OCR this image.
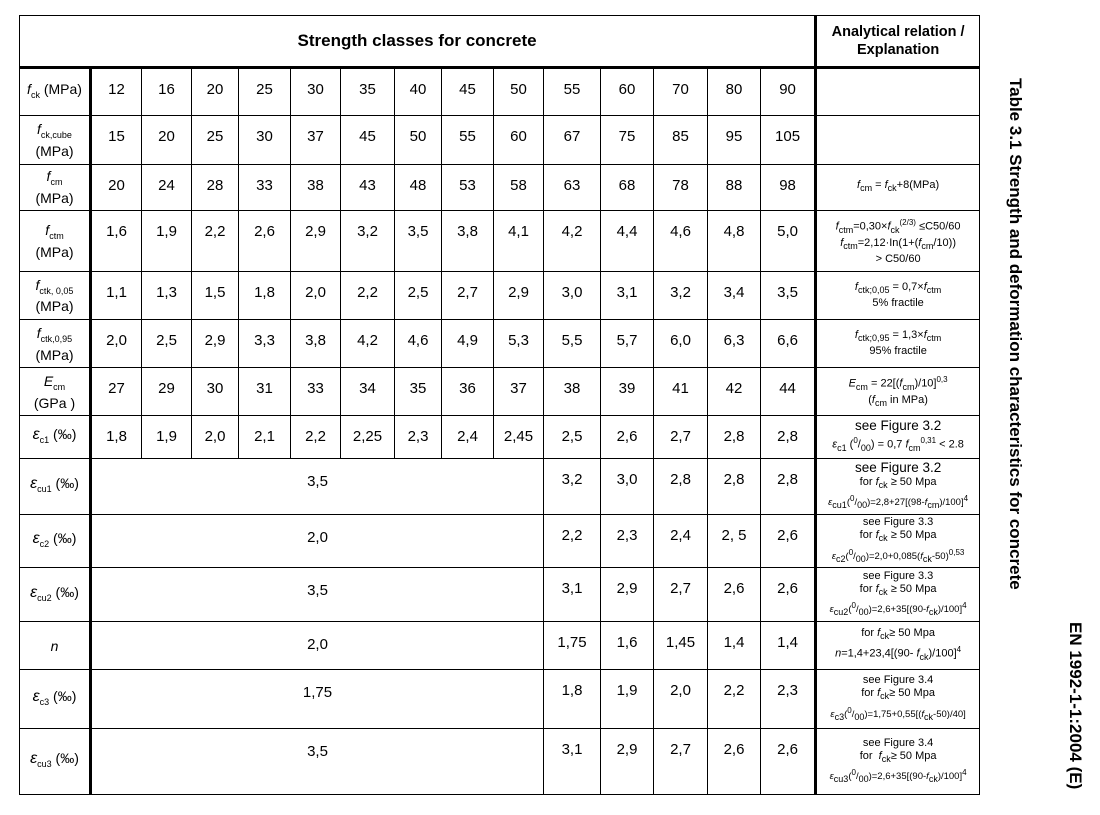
Strength classes for concrete															Analytical relation / Explanation
$f_{ck}$ (MPa)	12	16	20	25	30	35	40	45	50	55	60	70	80	90	
$f_{ck,cube}$
(MPa)	15	20	25	30	37	45	50	55	60	67	75	85	95	105	
$f_{cm}$
(MPa)	20	24	28	33	38	43	48	53	58	63	68	78	88	98	$f_{cm} = f_{ck}+8(MPa)$
$f_{ctm}$
(MPa)	1,6	1,9	2,2	2,6	2,9	3,2	3,5	3,8	4,1	4,2	4,4	4,6	4,8	5,0	$f_{ctm}=0,30\times f_{ck}^{(2/3)} \le C50/60$
$f_{ctm}=2,12\cdot In(1+(f_{cm}/10))$
> C50/60
$f_{ctk, 0,05}$
(MPa)	1,1	1,3	1,5	1,8	2,0	2,2	2,5	2,7	2,9	3,0	3,1	3,2	3,4	3,5	$f_{ctk;0,05} = 0,7\times f_{ctm}$
5% fractile
$f_{ctk,0,95}$
(MPa)	2,0	2,5	2,9	3,3	3,8	4,2	4,6	4,9	5,3	5,5	5,7	6,0	6,3	6,6	$f_{ctk;0,95} = 1,3\times f_{ctm}$
95% fractile
$E_{cm}$
(GPa )	27	29	30	31	33	34	35	36	37	38	39	41	42	44	$E_{cm} = 22[(f_{cm})/10]^{0,3}$
($f_{cm}$ in MPa)
$\varepsilon_{c1}$ (‰)	1,8	1,9	2,0	2,1	2,2	2,25	2,3	2,4	2,45	2,5	2,6	2,7	2,8	2,8	see Figure 3.2
$\varepsilon_{c1}$ $(^0/_{00}) = 0,7$ $f_{cm}^{0,31} < 2.8$
$\varepsilon_{cu1}$ (‰)	3,5									3,2	3,0	2,8	2,8	2,8	see Figure 3.2
for $f_{ck} \ge 50$ Mpa
$\varepsilon_{cu1}(^0/_{00})=2,8+27[(98-f_{cm})/100]^4$
$\varepsilon_{c2}$ (‰)	2,0									2,2	2,3	2,4	2, 5	2,6	see Figure 3.3
for $f_{ck} \ge 50$ Mpa
$\varepsilon_{c2}(^0/_{00})=2,0+0,085(f_{ck}-50)^{0,53}$
$\varepsilon_{cu2}$ (‰)	3,5									3,1	2,9	2,7	2,6	2,6	see Figure 3.3
for $f_{ck} \ge 50$ Mpa
$\varepsilon_{cu2}(^0/_{00})=2,6+35[(90-f_{ck})/100]^4$
n	2,0									1,75	1,6	1,45	1,4	1,4	for $f_{ck}\ge 50$ Mpa
n=1,4+23,4[(90- $f_{ck})/100]^4$
$\varepsilon_{c3}$ (‰)	1,75									1,8	1,9	2,0	2,2	2,3	see Figure 3.4
for $f_{ck}\ge 50$ Mpa
$\varepsilon_{c3}(^0/_{00})=1,75+0,55[(f_{ck}-50)/40]$
$\varepsilon_{cu3}$ (‰)	3,5									3,1	2,9	2,7	2,6	2,6	see Figure 3.4
for  $f_{ck}\ge 50$ Mpa
$\varepsilon_{cu3}(^0/_{00})=2,6+35[(90-f_{ck})/100]^4$
Table 3.1 Strength and deformation characteristics for concrete
EN 1992-1-1:2004 (E)
